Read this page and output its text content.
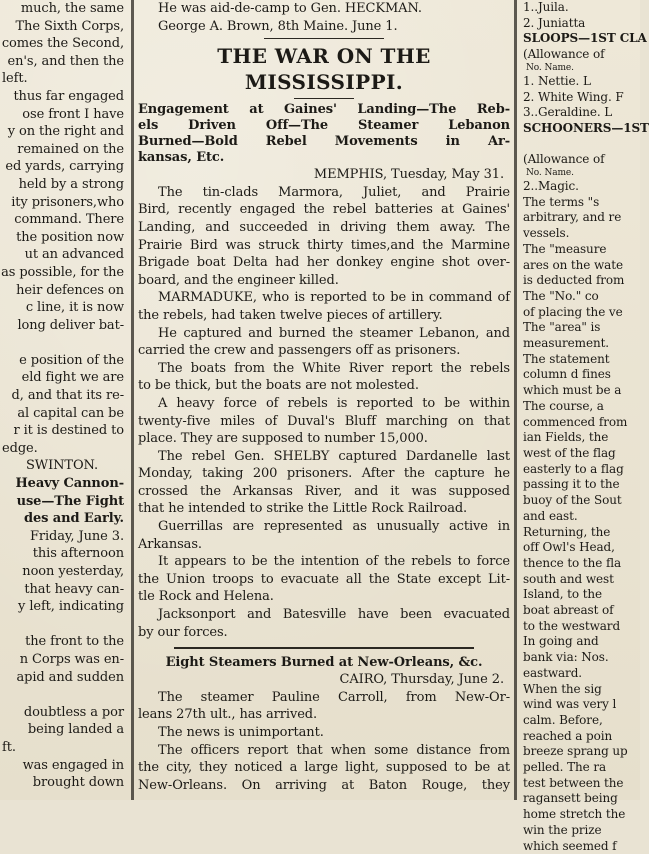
much, the same
The Sixth Corps,
comes the Second,
en's, and then the
left.
thus far engaged
ose front I have
y on the right and
remained on the
ed yards, carrying
held by a strong
ity prisoners,who
command. There
the position now
ut an advanced
as possible, for the
heir defences on
c line, it is now
long deliver bat-

e position of the
eld fight we are
d, and that its re-
al capital can be
r it is destined to
edge.
SWINTON.
Heavy Cannon-
use—The Fight
des and Early.
Friday, June 3.
this afternoon
noon yesterday,
that heavy can-
y left, indicating

the front to the
n Corps was en-
apid and sudden

doubtless a por
being landed a
ft.
was engaged in
brought down
He was aid-de-camp to Gen. HECKMAN.
George A. Brown, 8th Maine. June 1.
THE WAR ON THE MISSISSIPPI.
Engagement at Gaines' Landing—The Reb-
els Driven Off—The Steamer Lebanon
Burned—Bold Rebel Movements in Ar-
kansas, Etc.
MEMPHIS, Tuesday, May 31.
The tin-clads Marmora, Juliet, and Prairie
Bird, recently engaged the rebel batteries at Gaines'
Landing, and succeeded in driving them away. The
Prairie Bird was struck thirty times,and the Marmine
Brigade boat Delta had her donkey engine shot over-
board, and the engineer killed.
MARMADUKE, who is reported to be in command of
the rebels, had taken twelve pieces of artillery.
He captured and burned the steamer Lebanon, and
carried the crew and passengers off as prisoners.
The boats from the White River report the rebels
to be thick, but the boats are not molested.
A heavy force of rebels is reported to be within
twenty-five miles of Duval's Bluff marching on that
place. They are supposed to number 15,000.
The rebel Gen. SHELBY captured Dardanelle last
Monday, taking 200 prisoners. After the capture he
crossed the Arkansas River, and it was supposed
that he intended to strike the Little Rock Railroad.
Guerrillas are represented as unusually active in
Arkansas.
It appears to be the intention of the rebels to force
the Union troops to evacuate all the State except Lit-
tle Rock and Helena.
Jacksonport and Batesville have been evacuated
by our forces.
Eight Steamers Burned at New-Orleans, &c.
CAIRO, Thursday, June 2.
The steamer Pauline Carroll, from New-Or-
leans 27th ult., has arrived.
The news is unimportant.
The officers report that when some distance from
the city, they noticed a large light, supposed to be at
New-Orleans. On arriving at Baton Rouge, they
1..Juila.
2. Juniatta
SLOOPS—1ST CLA
(Allowance of
No. Name.
1. Nettie. L
2. White Wing. F
3..Geraldine. L
SCHOONERS—1ST

(Allowance of
No. Name.
2..Magic.
The terms "s
arbitrary, and re
vessels.
The "measure
ares on the wate
is deducted from
The "No." co
of placing the ve
The "area" is
measurement.
The statement
column d fines
which must be a
The course, a
commenced from
ian Fields, the
west of the flag
easterly to a flag
passing it to the
buoy of the Sout
and east.
Returning, the
off Owl's Head,
thence to the fla
south and west
Island, to the
boat abreast of
to the westward
In going and
bank via: Nos.
eastward.
When the sig
wind was very l
calm. Before,
reached a poin
breeze sprang up
pelled. The ra
test between the
ragansett being
home stretch the
win the prize
which seemed f
